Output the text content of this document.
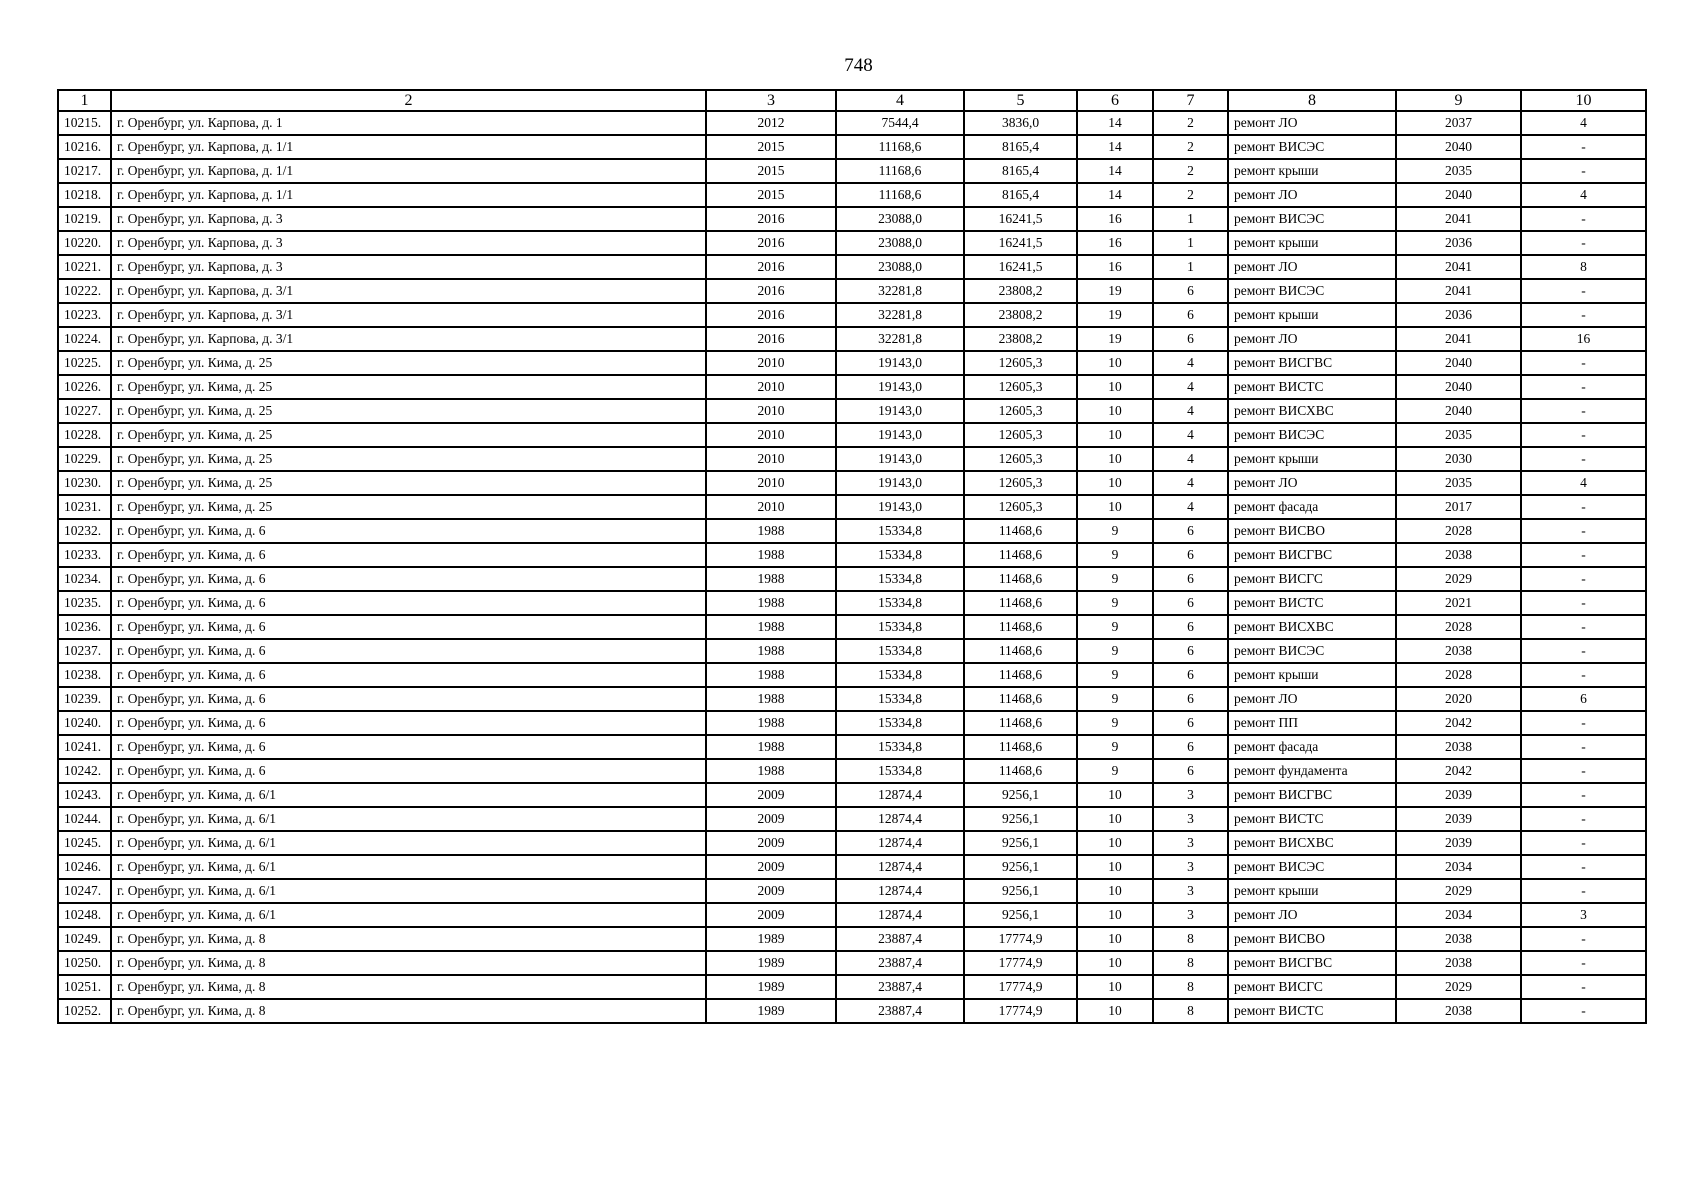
748
1	2	3	4	5	6	7	8	9	10
10215.	г. Оренбург, ул. Карпова, д. 1	2012	7544,4	3836,0	14	2	ремонт ЛО	2037	4
10216.	г. Оренбург, ул. Карпова, д. 1/1	2015	11168,6	8165,4	14	2	ремонт ВИСЭС	2040	-
10217.	г. Оренбург, ул. Карпова, д. 1/1	2015	11168,6	8165,4	14	2	ремонт крыши	2035	-
10218.	г. Оренбург, ул. Карпова, д. 1/1	2015	11168,6	8165,4	14	2	ремонт ЛО	2040	4
10219.	г. Оренбург, ул. Карпова, д. 3	2016	23088,0	16241,5	16	1	ремонт ВИСЭС	2041	-
10220.	г. Оренбург, ул. Карпова, д. 3	2016	23088,0	16241,5	16	1	ремонт крыши	2036	-
10221.	г. Оренбург, ул. Карпова, д. 3	2016	23088,0	16241,5	16	1	ремонт ЛО	2041	8
10222.	г. Оренбург, ул. Карпова, д. 3/1	2016	32281,8	23808,2	19	6	ремонт ВИСЭС	2041	-
10223.	г. Оренбург, ул. Карпова, д. 3/1	2016	32281,8	23808,2	19	6	ремонт крыши	2036	-
10224.	г. Оренбург, ул. Карпова, д. 3/1	2016	32281,8	23808,2	19	6	ремонт ЛО	2041	16
10225.	г. Оренбург, ул. Кима, д. 25	2010	19143,0	12605,3	10	4	ремонт ВИСГВС	2040	-
10226.	г. Оренбург, ул. Кима, д. 25	2010	19143,0	12605,3	10	4	ремонт ВИСТС	2040	-
10227.	г. Оренбург, ул. Кима, д. 25	2010	19143,0	12605,3	10	4	ремонт ВИСХВС	2040	-
10228.	г. Оренбург, ул. Кима, д. 25	2010	19143,0	12605,3	10	4	ремонт ВИСЭС	2035	-
10229.	г. Оренбург, ул. Кима, д. 25	2010	19143,0	12605,3	10	4	ремонт крыши	2030	-
10230.	г. Оренбург, ул. Кима, д. 25	2010	19143,0	12605,3	10	4	ремонт ЛО	2035	4
10231.	г. Оренбург, ул. Кима, д. 25	2010	19143,0	12605,3	10	4	ремонт фасада	2017	-
10232.	г. Оренбург, ул. Кима, д. 6	1988	15334,8	11468,6	9	6	ремонт ВИСВО	2028	-
10233.	г. Оренбург, ул. Кима, д. 6	1988	15334,8	11468,6	9	6	ремонт ВИСГВС	2038	-
10234.	г. Оренбург, ул. Кима, д. 6	1988	15334,8	11468,6	9	6	ремонт ВИСГС	2029	-
10235.	г. Оренбург, ул. Кима, д. 6	1988	15334,8	11468,6	9	6	ремонт ВИСТС	2021	-
10236.	г. Оренбург, ул. Кима, д. 6	1988	15334,8	11468,6	9	6	ремонт ВИСХВС	2028	-
10237.	г. Оренбург, ул. Кима, д. 6	1988	15334,8	11468,6	9	6	ремонт ВИСЭС	2038	-
10238.	г. Оренбург, ул. Кима, д. 6	1988	15334,8	11468,6	9	6	ремонт крыши	2028	-
10239.	г. Оренбург, ул. Кима, д. 6	1988	15334,8	11468,6	9	6	ремонт ЛО	2020	6
10240.	г. Оренбург, ул. Кима, д. 6	1988	15334,8	11468,6	9	6	ремонт ПП	2042	-
10241.	г. Оренбург, ул. Кима, д. 6	1988	15334,8	11468,6	9	6	ремонт фасада	2038	-
10242.	г. Оренбург, ул. Кима, д. 6	1988	15334,8	11468,6	9	6	ремонт фундамента	2042	-
10243.	г. Оренбург, ул. Кима, д. 6/1	2009	12874,4	9256,1	10	3	ремонт ВИСГВС	2039	-
10244.	г. Оренбург, ул. Кима, д. 6/1	2009	12874,4	9256,1	10	3	ремонт ВИСТС	2039	-
10245.	г. Оренбург, ул. Кима, д. 6/1	2009	12874,4	9256,1	10	3	ремонт ВИСХВС	2039	-
10246.	г. Оренбург, ул. Кима, д. 6/1	2009	12874,4	9256,1	10	3	ремонт ВИСЭС	2034	-
10247.	г. Оренбург, ул. Кима, д. 6/1	2009	12874,4	9256,1	10	3	ремонт крыши	2029	-
10248.	г. Оренбург, ул. Кима, д. 6/1	2009	12874,4	9256,1	10	3	ремонт ЛО	2034	3
10249.	г. Оренбург, ул. Кима, д. 8	1989	23887,4	17774,9	10	8	ремонт ВИСВО	2038	-
10250.	г. Оренбург, ул. Кима, д. 8	1989	23887,4	17774,9	10	8	ремонт ВИСГВС	2038	-
10251.	г. Оренбург, ул. Кима, д. 8	1989	23887,4	17774,9	10	8	ремонт ВИСГС	2029	-
10252.	г. Оренбург, ул. Кима, д. 8	1989	23887,4	17774,9	10	8	ремонт ВИСТС	2038	-
